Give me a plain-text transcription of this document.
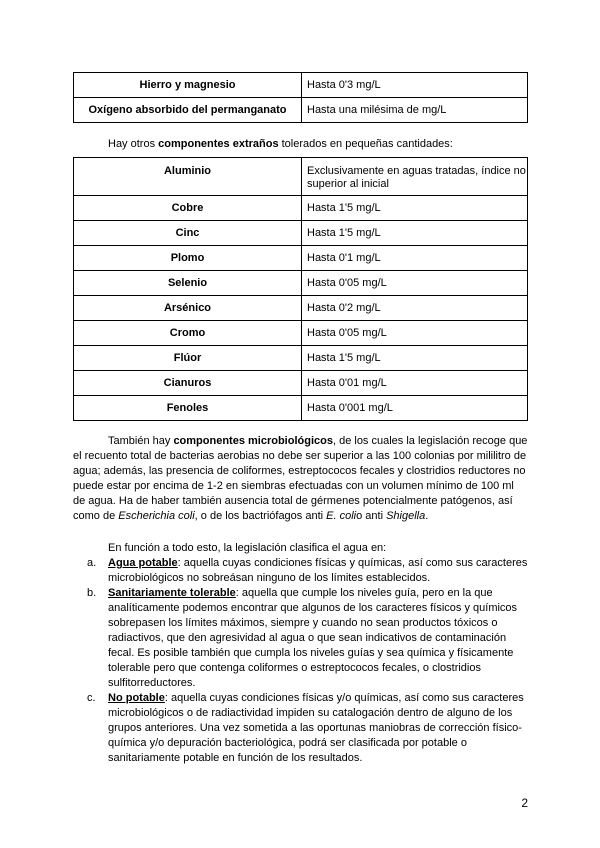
Hierro y magnesio	Hasta 0'3 mg/L
Oxígeno absorbido del permanganato	Hasta una milésima de mg/L
Hay otros componentes extraños tolerados en pequeñas cantidades:
Aluminio	Exclusivamente en aguas tratadas, índice no superior al inicial
Cobre	Hasta 1'5 mg/L
Cinc	Hasta 1'5 mg/L
Plomo	Hasta 0'1 mg/L
Selenio	Hasta 0'05 mg/L
Arsénico	Hasta 0'2 mg/L
Cromo	Hasta 0'05 mg/L
Flúor	Hasta 1'5 mg/L
Cianuros	Hasta 0'01 mg/L
Fenoles	Hasta 0'001 mg/L
También hay componentes microbiológicos, de los cuales la legislación recoge que el recuento total de bacterias aerobias no debe ser superior a las 100 colonias por mililitro de agua; además, las presencia de coliformes, estreptococos fecales y clostridios reductores no puede estar por encima de 1-2 en siembras efectuadas con un volumen mínimo de 100 ml de agua. Ha de haber también ausencia total de gérmenes potencialmente patógenos, así como de Escherichia coli, o de los bactriófagos anti E. colio anti Shigella.
En función a todo esto, la legislación clasifica el agua en:
a. Agua potable: aquella cuyas condiciones físicas y químicas, así como sus caracteres microbiológicos no sobreásan ninguno de los límites establecidos.
b. Sanitariamente tolerable: aquella que cumple los niveles guía, pero en la que analíticamente podemos encontrar que algunos de los caracteres físicos y químicos sobrepasen los límites máximos, siempre y cuando no sean productos tóxicos o radiactivos, que den agresividad al agua o que sean indicativos de contaminación fecal. Es posible también que cumpla los niveles guías y sea química y físicamente tolerable pero que contenga coliformes o estreptococos fecales, o clostridios sulfitorreductores.
c. No potable: aquella cuyas condiciones físicas y/o químicas, así como sus caracteres microbiológicos o de radiactividad impiden su catalogación dentro de alguno de los grupos anteriores. Una vez sometida a las oportunas maniobras de corrección físico-química y/o depuración bacteriológica, podrá ser clasificada por potable o sanitariamente potable en función de los resultados.
2
